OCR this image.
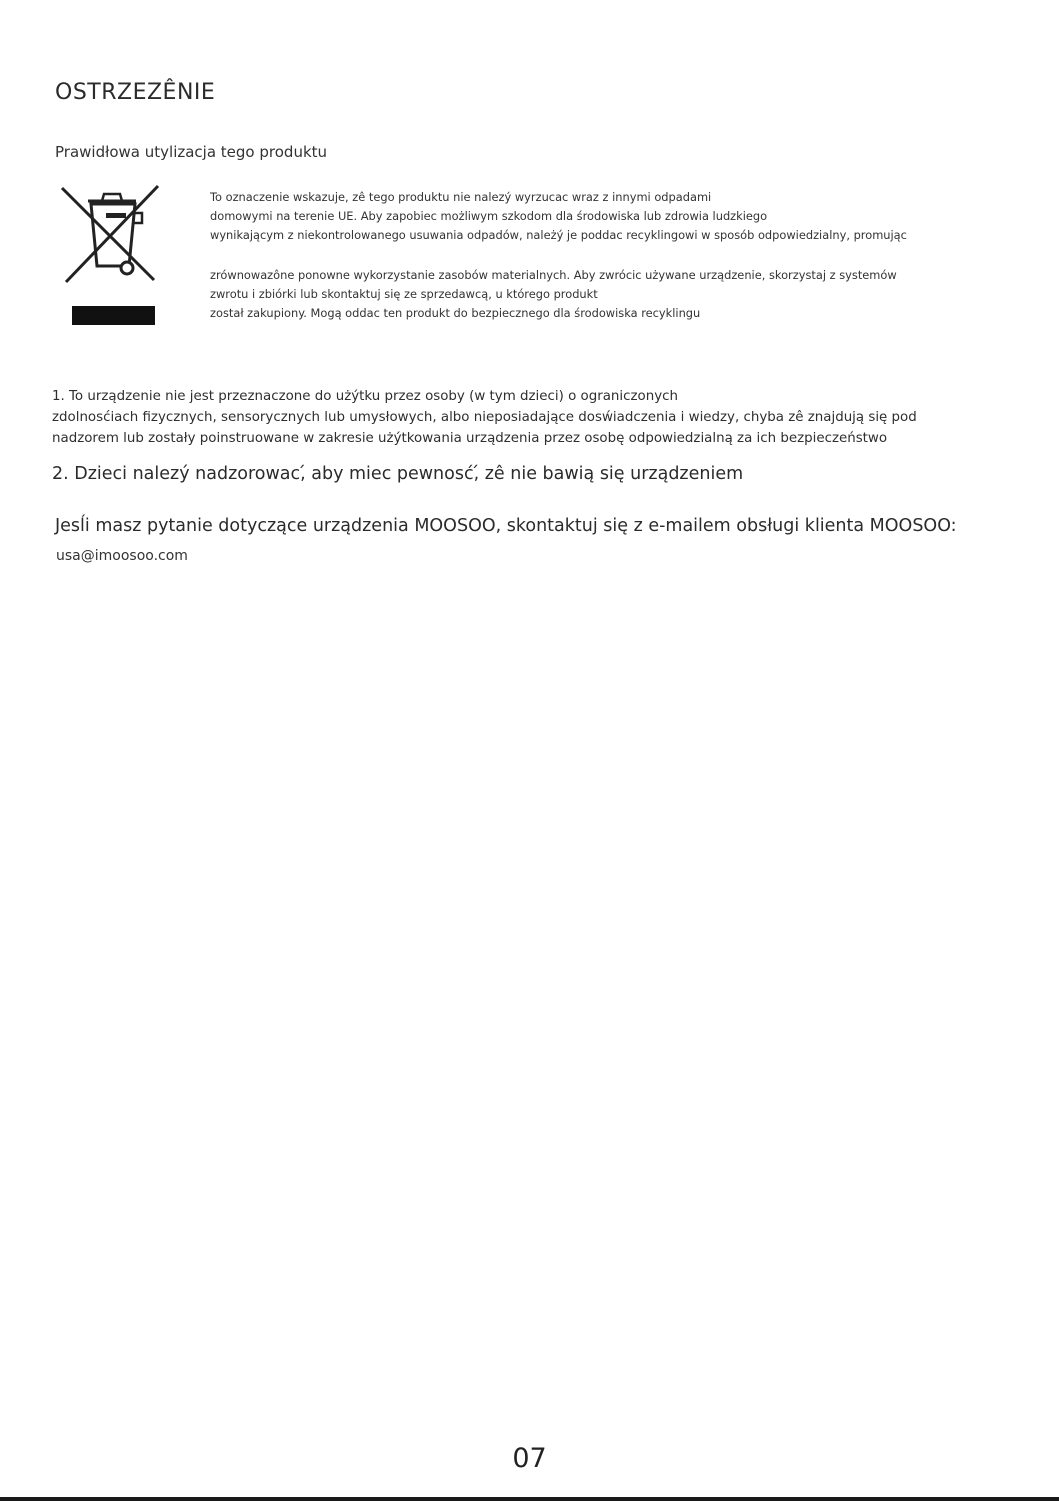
OSTRZEZÊNIE

Prawidłowa utylizacja tego produktu

To oznaczenie wskazuje, zê tego produktu nie nalezý wyrzucac wraz z innymi odpadami

domowymi na terenie UE. Aby zapobiec możliwym szkodom dla środowiska lub zdrowia ludzkiego

wynikającym z niekontrolowanego usuwania odpadów, należý je poddac recyklingowi w sposób odpowiedzialny, promując

zrównowazône ponowne wykorzystanie zasobów materialnych. Aby zwrócic używane urządzenie, skorzystaj z systemów

zwrotu i zbiórki lub skontaktuj się ze sprzedawcą, u którego produkt

został zakupiony. Mogą oddac ten produkt do bezpiecznego dla środowiska recyklingu

1. To urządzenie nie jest przeznaczone do użýtku przez osoby (w tym dzieci) o ograniczonych

zdolnosćiach fizycznych, sensorycznych lub umysłowych, albo nieposiadające dosẃiadczenia i wiedzy, chyba zê znajdują się pod

nadzorem lub zostały poinstruowane w zakresie użýtkowania urządzenia przez osobę odpowiedzialną za ich bezpieczeństwo

2. Dzieci nalezý nadzorowac,́ aby miec pewnosć,́ zê nie bawią się urządzeniem

Jesĺi masz pytanie dotyczące urządzenia MOOSOO, skontaktuj się z e-mailem obsługi klienta MOOSOO:

usa@imoosoo.com

07
